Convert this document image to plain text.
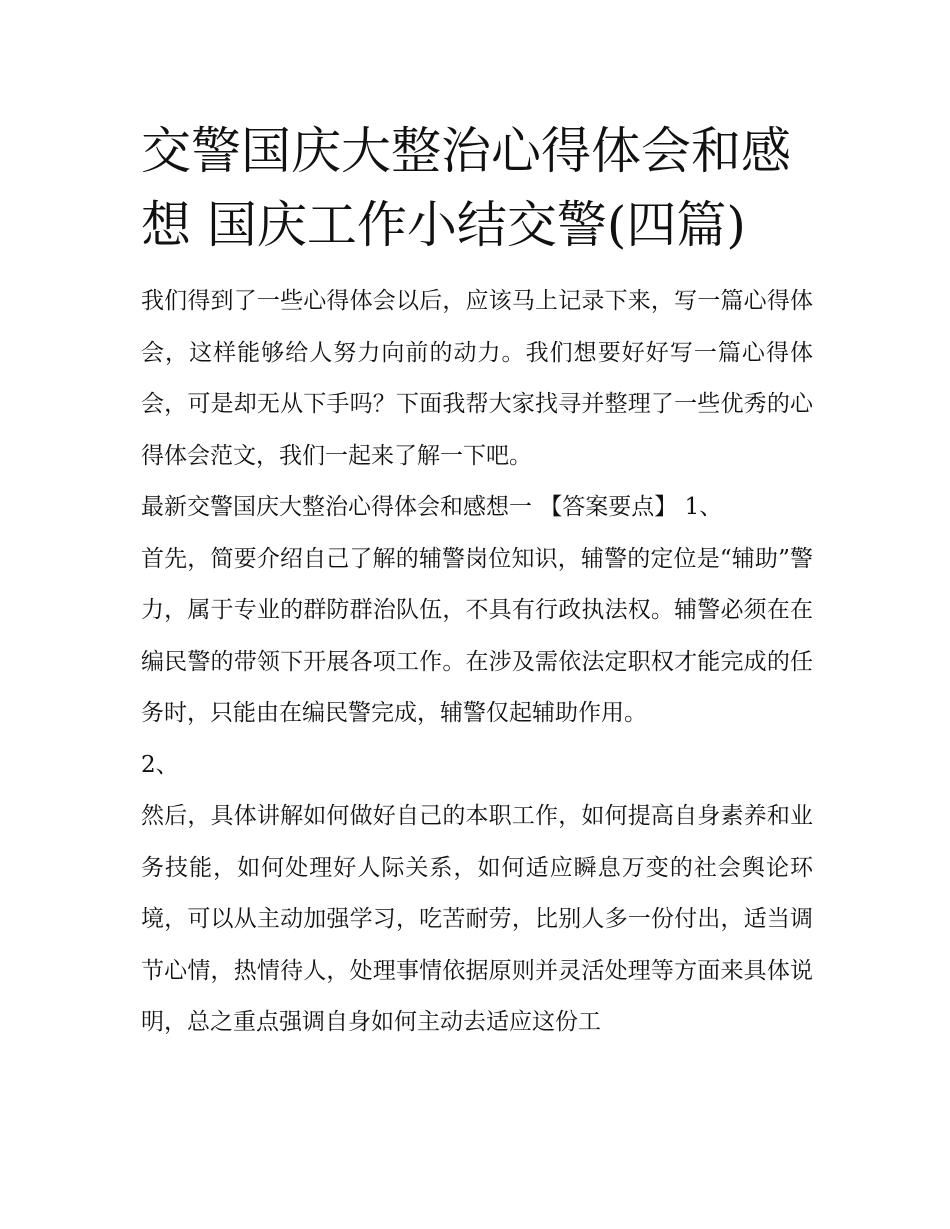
交警国庆大整治心得体会和感想 国庆工作小结交警(四篇)

我们得到了一些心得体会以后，应该马上记录下来，写一篇心得体会，这样能够给人努力向前的动力。我们想要好好写一篇心得体会，可是却无从下手吗？下面我帮大家找寻并整理了一些优秀的心得体会范文，我们一起来了解一下吧。

最新交警国庆大整治心得体会和感想一 【答案要点】 1、

首先，简要介绍自己了解的辅警岗位知识，辅警的定位是“辅助”警力，属于专业的群防群治队伍，不具有行政执法权。辅警必须在在编民警的带领下开展各项工作。在涉及需依法定职权才能完成的任务时，只能由在编民警完成，辅警仅起辅助作用。

2、

然后，具体讲解如何做好自己的本职工作，如何提高自身素养和业务技能，如何处理好人际关系，如何适应瞬息万变的社会舆论环境，可以从主动加强学习，吃苦耐劳，比别人多一份付出，适当调节心情，热情待人，处理事情依据原则并灵活处理等方面来具体说明，总之重点强调自身如何主动去适应这份工
